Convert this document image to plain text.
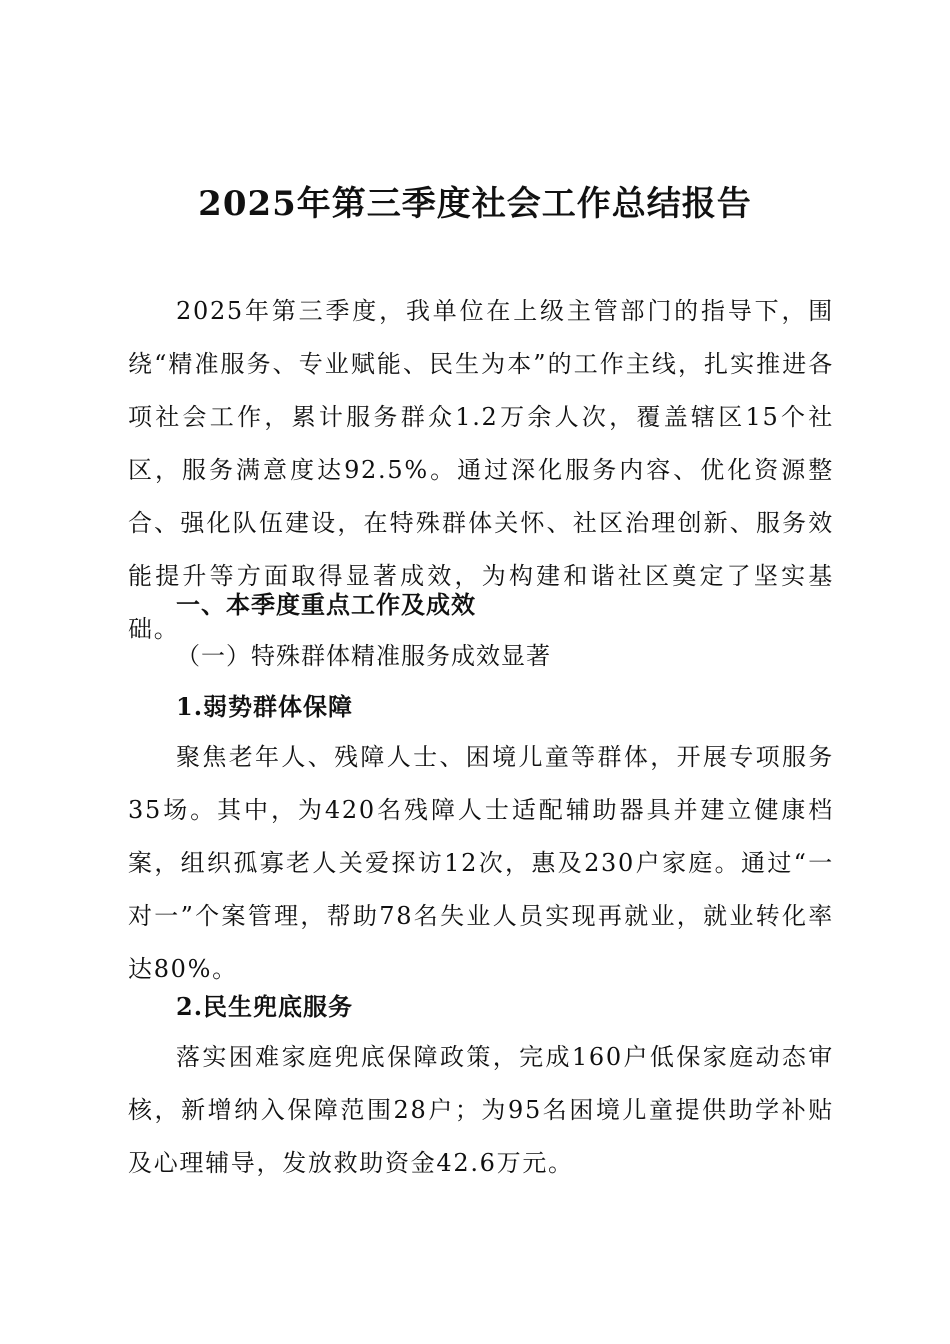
2025年第三季度社会工作总结报告

2025年第三季度，我单位在上级主管部门的指导下，围绕“精准服务、专业赋能、民生为本”的工作主线，扎实推进各项社会工作，累计服务群众1.2万余人次，覆盖辖区15个社区，服务满意度达92.5%。通过深化服务内容、优化资源整合、强化队伍建设，在特殊群体关怀、社区治理创新、服务效能提升等方面取得显著成效，为构建和谐社区奠定了坚实基础。

一、本季度重点工作及成效
（一）特殊群体精准服务成效显著
1.弱势群体保障

聚焦老年人、残障人士、困境儿童等群体，开展专项服务35场。其中，为420名残障人士适配辅助器具并建立健康档案，组织孤寡老人关爱探访12次，惠及230户家庭。通过“一对一”个案管理，帮助78名失业人员实现再就业，就业转化率达80%。

2.民生兜底服务

落实困难家庭兜底保障政策，完成160户低保家庭动态审核，新增纳入保障范围28户；为95名困境儿童提供助学补贴及心理辅导，发放救助资金42.6万元。
